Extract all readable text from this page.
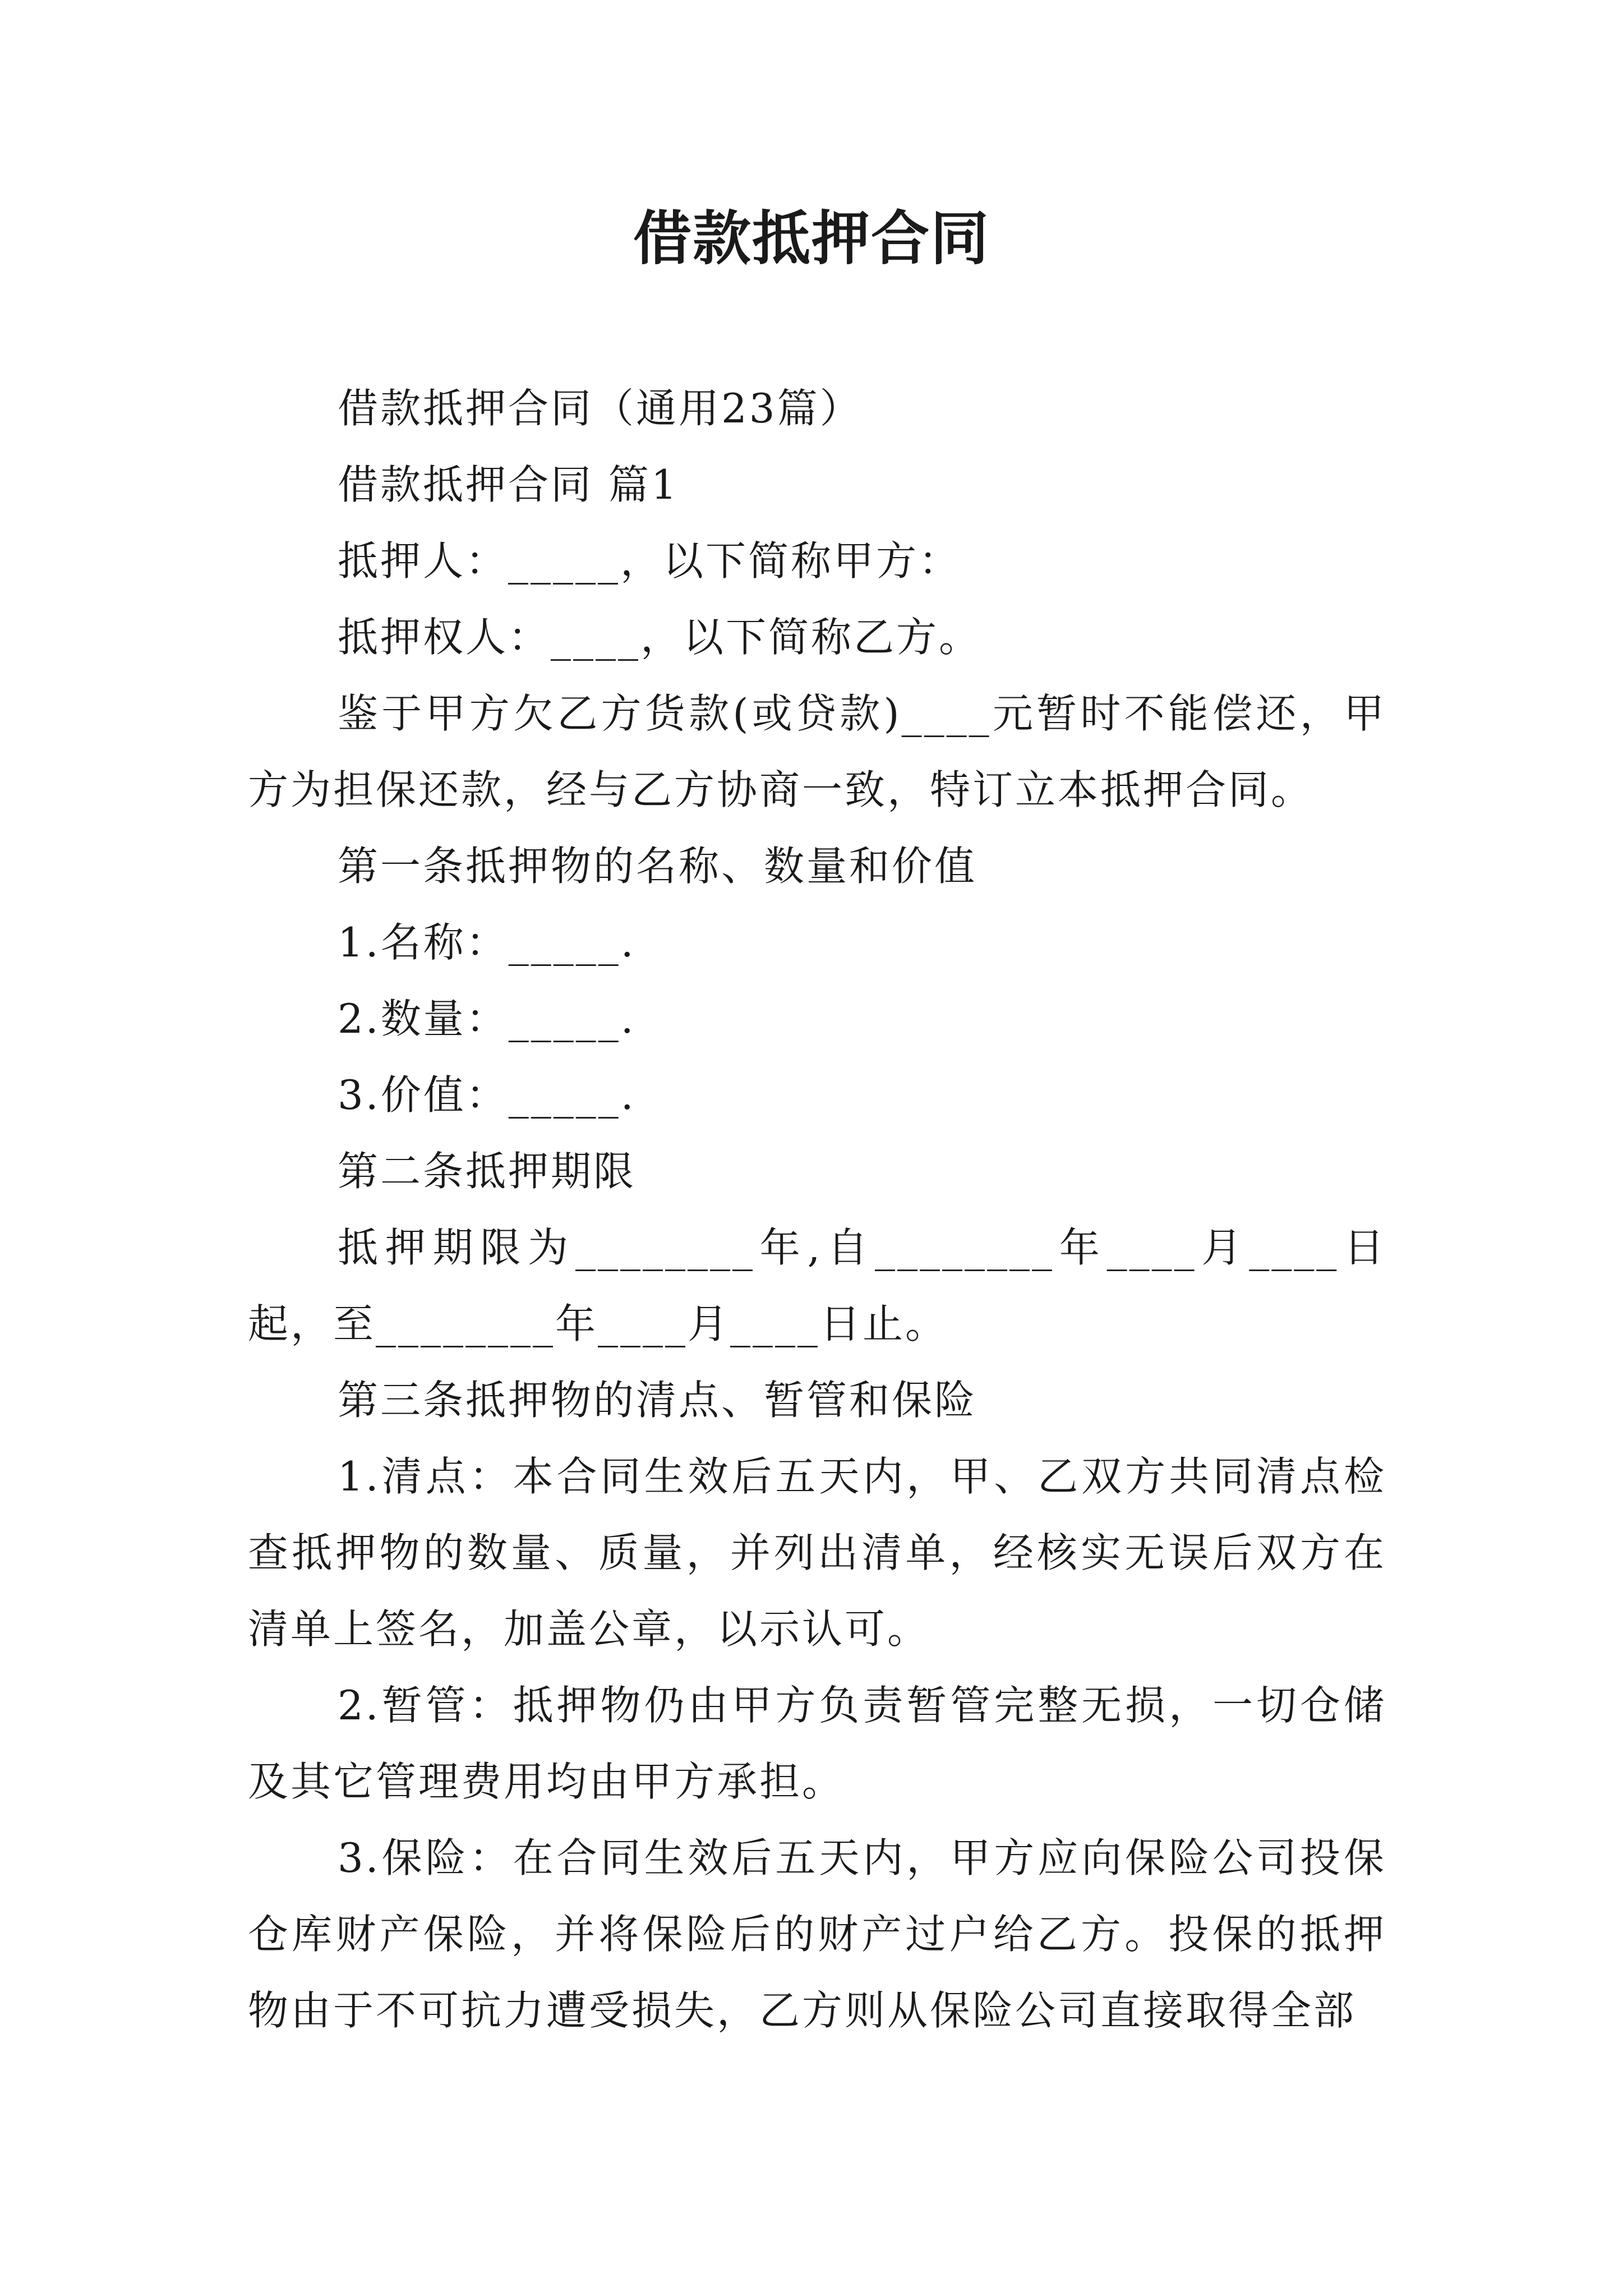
借款抵押合同

借款抵押合同（通用23篇）

借款抵押合同 篇1

抵押人：_____，以下简称甲方：

抵押权人：____，以下简称乙方。

鉴于甲方欠乙方货款(或贷款)____元暂时不能偿还，甲方为担保还款，经与乙方协商一致，特订立本抵押合同。

第一条抵押物的名称、数量和价值

1.名称：_____.

2.数量：_____.

3.价值：_____.

第二条抵押期限

抵押期限为________年,自________年____月____日起，至________年____月____日止。

第三条抵押物的清点、暂管和保险

1.清点：本合同生效后五天内，甲、乙双方共同清点检查抵押物的数量、质量，并列出清单，经核实无误后双方在清单上签名，加盖公章，以示认可。

2.暂管：抵押物仍由甲方负责暂管完整无损，一切仓储及其它管理费用均由甲方承担。

3.保险：在合同生效后五天内，甲方应向保险公司投保仓库财产保险，并将保险后的财产过户给乙方。投保的抵押物由于不可抗力遭受损失，乙方则从保险公司直接取得全部
